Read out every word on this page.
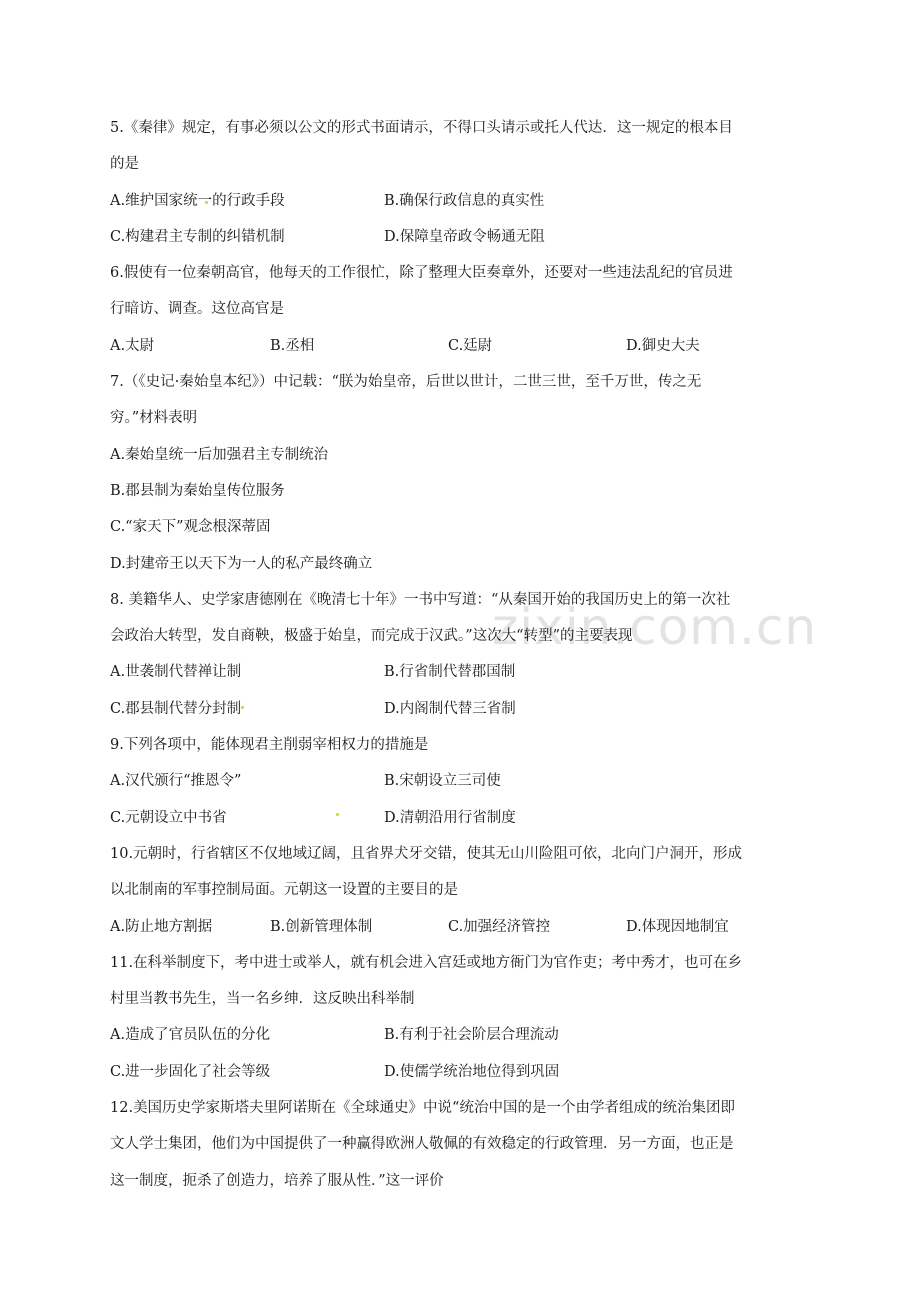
zixin.com.cn
5.《秦律》规定，有事必须以公文的形式书面请示，不得口头请示或托人代达．这一规定的根本目
的是
A.维护国家统一的行政手段	B.确保行政信息的真实性
C.构建君主专制的纠错机制	D.保障皇帝政令畅通无阻
6.假使有一位秦朝高官，他每天的工作很忙，除了整理大臣奏章外，还要对一些违法乱纪的官员进
行暗访、调查。这位高官是
A.太尉	B.丞相	C.廷尉	D.御史大夫
7.（《史记·秦始皇本纪》）中记载：“朕为始皇帝，后世以世计，二世三世，至千万世，传之无
穷。”材料表明
A.秦始皇统一后加强君主专制统治
B.郡县制为秦始皇传位服务
C.“家天下”观念根深蒂固
D.封建帝王以天下为一人的私产最终确立
8. 美籍华人、史学家唐德刚在《晚清七十年》一书中写道：“从秦国开始的我国历史上的第一次社
会政治大转型，发自商鞅，极盛于始皇，而完成于汉武。”这次大“转型”的主要表现
A.世袭制代替禅让制	B.行省制代替郡国制
C.郡县制代替分封制	D.内阁制代替三省制
9.下列各项中，能体现君主削弱宰相权力的措施是
A.汉代颁行“推恩令”	B.宋朝设立三司使
C.元朝设立中书省	D.清朝沿用行省制度
10.元朝时，行省辖区不仅地域辽阔，且省界犬牙交错，使其无山川险阻可依，北向门户洞开，形成
以北制南的军事控制局面。元朝这一设置的主要目的是
A.防止地方割据	B.创新管理体制	C.加强经济管控	D.体现因地制宜
11.在科举制度下，考中进士或举人，就有机会进入宫廷或地方衙门为官作吏；考中秀才，也可在乡
村里当教书先生，当一名乡绅．这反映出科举制
A.造成了官员队伍的分化	B.有利于社会阶层合理流动
C.进一步固化了社会等级	D.使儒学统治地位得到巩固
12.美国历史学家斯塔夫里阿诺斯在《全球通史》中说“统治中国的是一个由学者组成的统治集团即
文人学士集团，他们为中国提供了一种赢得欧洲人敬佩的有效稳定的行政管理．另一方面，也正是
这一制度，扼杀了创造力，培养了服从性．”这一评价
